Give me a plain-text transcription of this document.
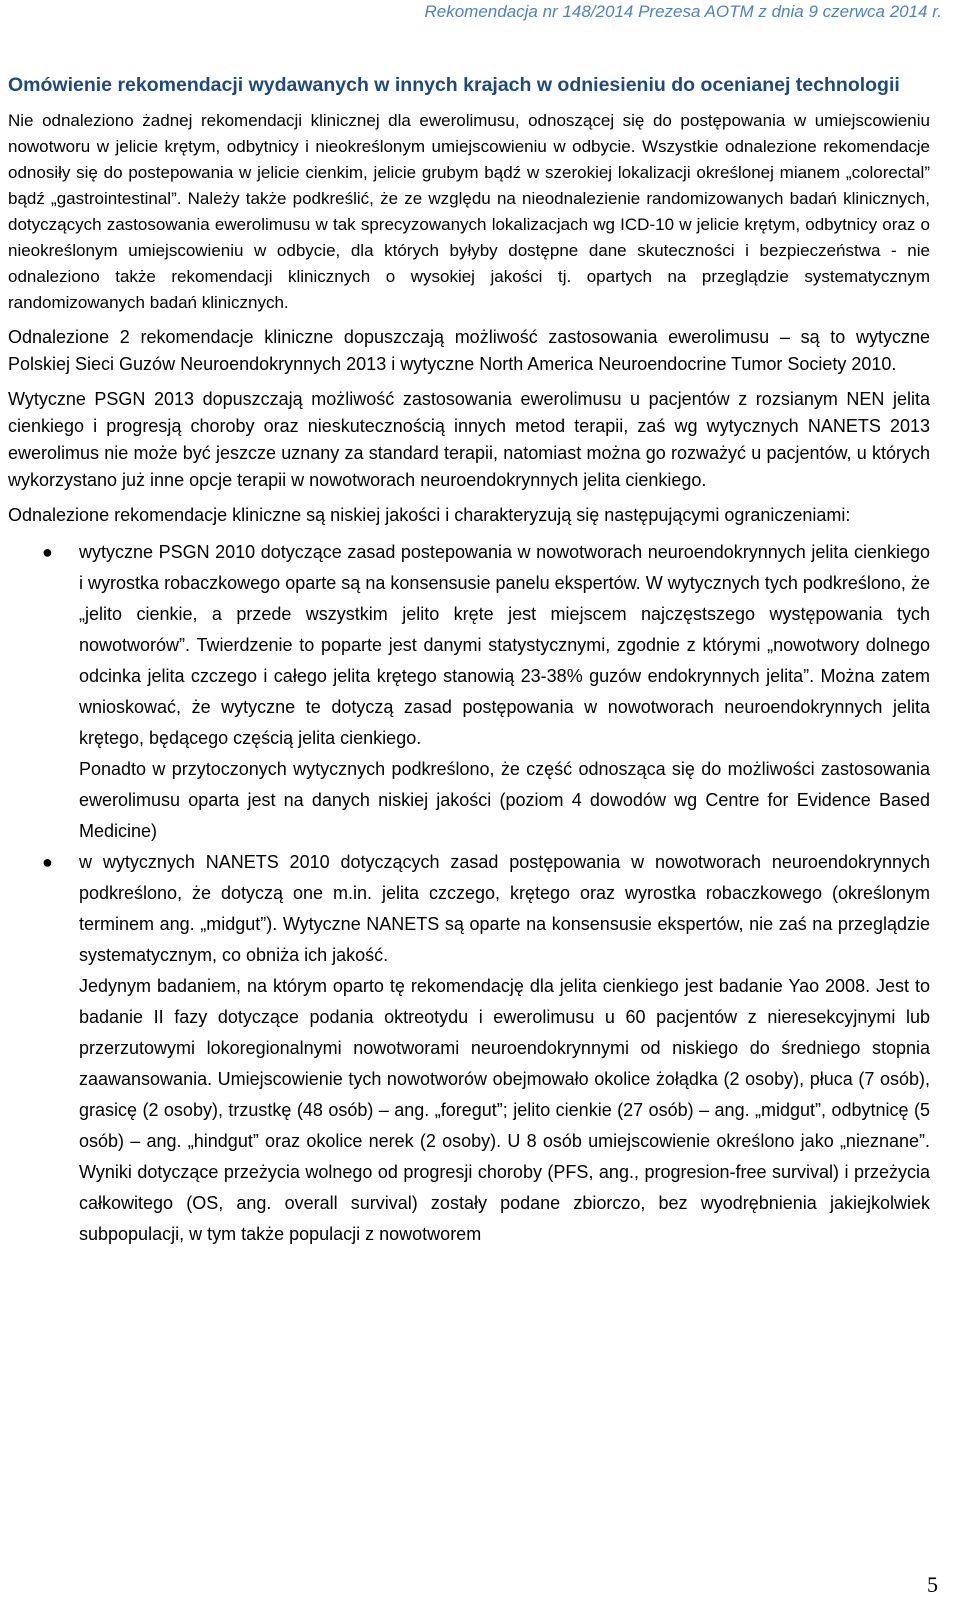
Rekomendacja nr 148/2014 Prezesa AOTM z dnia 9 czerwca 2014 r.
Omówienie rekomendacji wydawanych w innych krajach w odniesieniu do ocenianej technologii

Nie odnaleziono żadnej rekomendacji klinicznej dla ewerolimusu, odnoszącej się do postępowania w umiejscowieniu nowotworu w jelicie krętym, odbytnicy i nieokreślonym umiejscowieniu w odbycie. Wszystkie odnalezione rekomendacje odnosiły się do postepowania w jelicie cienkim, jelicie grubym bądź w szerokiej lokalizacji określonej mianem „colorectal” bądź „gastrointestinal”. Należy także podkreślić, że ze względu na nieodnalezienie randomizowanych badań klinicznych, dotyczących zastosowania ewerolimusu w tak sprecyzowanych lokalizacjach wg ICD-10 w jelicie krętym, odbytnicy oraz o nieokreślonym umiejscowieniu w odbycie, dla których byłyby dostępne dane skuteczności i bezpieczeństwa - nie odnaleziono także rekomendacji klinicznych o wysokiej jakości tj. opartych na przeglądzie systematycznym randomizowanych badań klinicznych.

Odnalezione 2 rekomendacje kliniczne dopuszczają możliwość zastosowania ewerolimusu – są to wytyczne Polskiej Sieci Guzów Neuroendokrynnych 2013 i wytyczne North America Neuroendocrine Tumor Society 2010.

Wytyczne PSGN 2013 dopuszczają możliwość zastosowania ewerolimusu u pacjentów z rozsianym NEN jelita cienkiego i progresją choroby oraz nieskutecznością innych metod terapii, zaś wg wytycznych NANETS 2013 ewerolimus nie może być jeszcze uznany za standard terapii, natomiast można go rozważyć u pacjentów, u których wykorzystano już inne opcje terapii w nowotworach neuroendokrynnych jelita cienkiego.

Odnalezione rekomendacje kliniczne są niskiej jakości i charakteryzują się następującymi ograniczeniami:

● wytyczne PSGN 2010 dotyczące zasad postepowania w nowotworach neuroendokrynnych jelita cienkiego i wyrostka robaczkowego oparte są na konsensusie panelu ekspertów. W wytycznych tych podkreślono, że „jelito cienkie, a przede wszystkim jelito kręte jest miejscem najczęstszego występowania tych nowotworów”. Twierdzenie to poparte jest danymi statystycznymi, zgodnie z którymi „nowotwory dolnego odcinka jelita czczego i całego jelita krętego stanowią 23-38% guzów endokrynnych jelita”. Można zatem wnioskować, że wytyczne te dotyczą zasad postępowania w nowotworach neuroendokrynnych jelita krętego, będącego częścią jelita cienkiego.

Ponadto w przytoczonych wytycznych podkreślono, że część odnosząca się do możliwości zastosowania ewerolimusu oparta jest na danych niskiej jakości (poziom 4 dowodów wg Centre for Evidence Based Medicine)

● w wytycznych NANETS 2010 dotyczących zasad postępowania w nowotworach neuroendokrynnych podkreślono, że dotyczą one m.in. jelita czczego, krętego oraz wyrostka robaczkowego (określonym terminem ang. „midgut”). Wytyczne NANETS są oparte na konsensusie ekspertów, nie zaś na przeglądzie systematycznym, co obniża ich jakość.

Jedynym badaniem, na którym oparto tę rekomendację dla jelita cienkiego jest badanie Yao 2008. Jest to badanie II fazy dotyczące podania oktreotydu i ewerolimusu u 60 pacjentów z nieresekcyjnymi lub przerzutowymi lokoregionalnymi nowotworami neuroendokrynnymi od niskiego do średniego stopnia zaawansowania. Umiejscowienie tych nowotworów obejmowało okolice żołądka (2 osoby), płuca (7 osób), grasicę (2 osoby), trzustkę (48 osób) – ang. „foregut”; jelito cienkie (27 osób) – ang. „midgut”, odbytnicę (5 osób) – ang. „hindgut” oraz okolice nerek (2 osoby). U 8 osób umiejscowienie określono jako „nieznane”. Wyniki dotyczące przeżycia wolnego od progresji choroby (PFS, ang., progresion-free survival) i przeżycia całkowitego (OS, ang. overall survival) zostały podane zbiorczo, bez wyodrębnienia jakiejkolwiek subpopulacji, w tym także populacji z nowotworem

5
